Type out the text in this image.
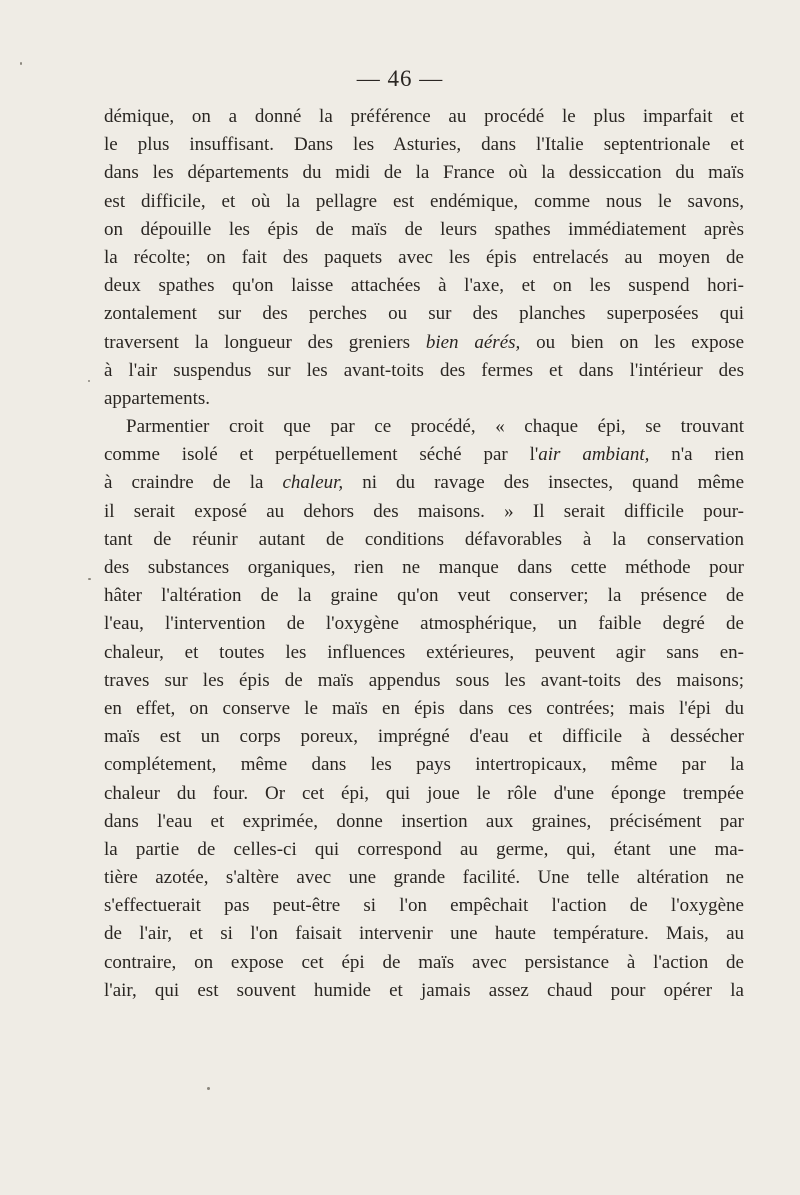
— 46 —
démique, on a donné la préférence au procédé le plus imparfait et
le plus insuffisant. Dans les Asturies, dans l'Italie septentrionale et
dans les départements du midi de la France où la dessiccation du maïs
est difficile, et où la pellagre est endémique, comme nous le savons,
on dépouille les épis de maïs de leurs spathes immédiatement après
la récolte; on fait des paquets avec les épis entrelacés au moyen de
deux spathes qu'on laisse attachées à l'axe, et on les suspend hori-
zontalement sur des perches ou sur des planches superposées qui
traversent la longueur des greniers bien aérés, ou bien on les expose
à l'air suspendus sur les avant-toits des fermes et dans l'intérieur des
appartements.
Parmentier croit que par ce procédé, « chaque épi, se trouvant
comme isolé et perpétuellement séché par l'air ambiant, n'a rien
à craindre de la chaleur, ni du ravage des insectes, quand même
il serait exposé au dehors des maisons. » Il serait difficile pour-
tant de réunir autant de conditions défavorables à la conservation
des substances organiques, rien ne manque dans cette méthode pour
hâter l'altération de la graine qu'on veut conserver; la présence de
l'eau, l'intervention de l'oxygène atmosphérique, un faible degré de
chaleur, et toutes les influences extérieures, peuvent agir sans en-
traves sur les épis de maïs appendus sous les avant-toits des maisons;
en effet, on conserve le maïs en épis dans ces contrées; mais l'épi du
maïs est un corps poreux, imprégné d'eau et difficile à dessécher
complétement, même dans les pays intertropicaux, même par la
chaleur du four. Or cet épi, qui joue le rôle d'une éponge trempée
dans l'eau et exprimée, donne insertion aux graines, précisément par
la partie de celles-ci qui correspond au germe, qui, étant une ma-
tière azotée, s'altère avec une grande facilité. Une telle altération ne
s'effectuerait pas peut-être si l'on empêchait l'action de l'oxygène
de l'air, et si l'on faisait intervenir une haute température. Mais, au
contraire, on expose cet épi de maïs avec persistance à l'action de
l'air, qui est souvent humide et jamais assez chaud pour opérer la
